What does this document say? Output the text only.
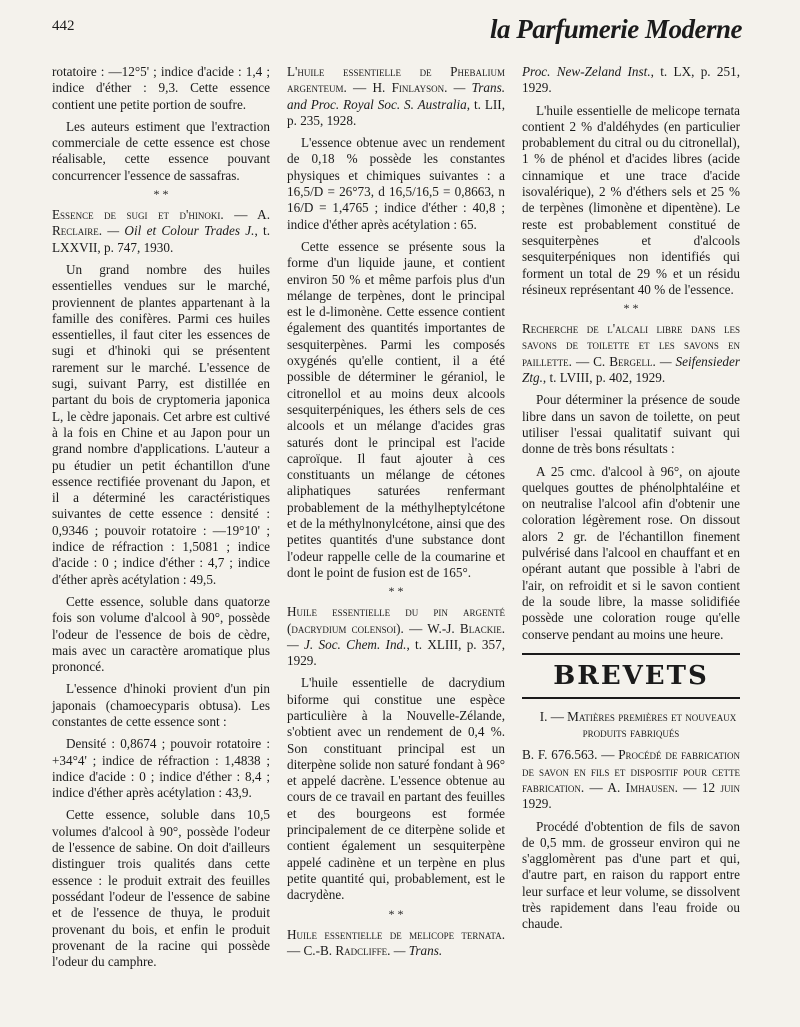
442	la Parfumerie Moderne

rotatoire : —12°5' ; indice d'acide : 1,4 ; indice d'éther : 9,3. Cette essence contient une petite portion de soufre.

Les auteurs estiment que l'extraction commerciale de cette essence est chose réalisable, cette essence pouvant concurrencer l'essence de sassafras.

* *

Essence de sugi et d'hinoki. — A. Reclaire. — Oil et Colour Trades J., t. LXXVII, p. 747, 1930.

Un grand nombre des huiles essentielles vendues sur le marché, proviennent de plantes appartenant à la famille des conifères. Parmi ces huiles essentielles, il faut citer les essences de sugi et d'hinoki qui se présentent rarement sur le marché. L'essence de sugi, suivant Parry, est distillée en partant du bois de cryptomeria japonica L, le cèdre japonais. Cet arbre est cultivé à la fois en Chine et au Japon pour un grand nombre d'applications. L'auteur a pu étudier un petit échantillon d'une essence rectifiée provenant du Japon, et il a déterminé les caractéristiques suivantes de cette essence : densité : 0,9346 ; pouvoir rotatoire : —19°10' ; indice de réfraction : 1,5081 ; indice d'acide : 0 ; indice d'éther : 4,7 ; indice d'éther après acétylation : 49,5.

Cette essence, soluble dans quatorze fois son volume d'alcool à 90°, possède l'odeur de l'essence de bois de cèdre, mais avec un caractère aromatique plus prononcé.

L'essence d'hinoki provient d'un pin japonais (chamoecyparis obtusa). Les constantes de cette essence sont :

Densité : 0,8674 ; pouvoir rotatoire : +34°4' ; indice de réfraction : 1,4838 ; indice d'acide : 0 ; indice d'éther : 8,4 ; indice d'éther après acétylation : 43,9.

Cette essence, soluble dans 10,5 volumes d'alcool à 90°, possède l'odeur de l'essence de sabine. On doit d'ailleurs distinguer trois qualités dans cette essence : le produit extrait des feuilles possédant l'odeur de l'essence de sabine et de l'essence de thuya, le produit provenant du bois, et enfin le produit provenant de la racine qui possède l'odeur du camphre.

L'huile essentielle de Phebalium argenteum. — H. Finlayson. — Trans. and Proc. Royal Soc. S. Australia, t. LII, p. 235, 1928.

L'essence obtenue avec un rendement de 0,18 % possède les constantes physiques et chimiques suivantes : a 16,5/D = 26°73, d 16,5/16,5 = 0,8663, n 16/D = 1,4765 ; indice d'éther : 40,8 ; indice d'éther après acétylation : 65.

Cette essence se présente sous la forme d'un liquide jaune, et contient environ 50 % et même parfois plus d'un mélange de terpènes, dont le principal est le d-limonène. Cette essence contient également des quantités importantes de sesquiterpènes. Parmi les composés oxygénés qu'elle contient, il a été possible de déterminer le géraniol, le citronellol et au moins deux alcools sesquiterpéniques, les éthers sels de ces alcools et un mélange d'acides gras saturés dont le principal est l'acide caproïque. Il faut ajouter à ces constituants un mélange de cétones aliphatiques saturées renfermant probablement de la méthylheptylcétone et de la méthylnonylcétone, ainsi que des petites quantités d'une substance dont l'odeur rappelle celle de la coumarine et dont le point de fusion est de 165°.

* *

Huile essentielle du pin argenté (dacrydium colensoi). — W.-J. Blackie. — J. Soc. Chem. Ind., t. XLIII, p. 357, 1929.

L'huile essentielle de dacrydium biforme qui constitue une espèce particulière à la Nouvelle-Zélande, s'obtient avec un rendement de 0,4 %. Son constituant principal est un diterpène solide non saturé fondant à 96° et appelé dacrène. L'essence obtenue au cours de ce travail en partant des feuilles et des bourgeons est formée principalement de ce diterpène solide et contient également un sesquiterpène appelé cadinène et un terpène en plus petite quantité qui, probablement, est le dacrydène.

* *

Huile essentielle de melicope ternata. — C.-B. Radcliffe. — Trans.

Proc. New-Zeland Inst., t. LX, p. 251, 1929.

L'huile essentielle de melicope ternata contient 2 % d'aldéhydes (en particulier probablement du citral ou du citronellal), 1 % de phénol et d'acides libres (acide cinnamique et une trace d'acide isovalérique), 2 % d'éthers sels et 25 % de terpènes (limonène et dipentène). Le reste est probablement constitué de sesquiterpènes et d'alcools sesquiterpéniques non identifiés qui forment un total de 29 % et un résidu résineux représentant 40 % de l'essence.

* *

Recherche de l'alcali libre dans les savons de toilette et les savons en paillette. — C. Bergell. — Seifensieder Ztg., t. LVIII, p. 402, 1929.

Pour déterminer la présence de soude libre dans un savon de toilette, on peut utiliser l'essai qualitatif suivant qui donne de très bons résultats :

A 25 cmc. d'alcool à 96°, on ajoute quelques gouttes de phénolphtaléine et on neutralise l'alcool afin d'obtenir une coloration légèrement rose. On dissout alors 2 gr. de l'échantillon finement pulvérisé dans l'alcool en chauffant et en opérant autant que possible à l'abri de l'air, on refroidit et si le savon contient de la soude libre, la masse solidifiée possède une coloration rouge qu'elle conserve pendant au moins une heure.

BREVETS

I. — Matières premières et nouveaux produits fabriqués

B. F. 676.563. — Procédé de fabrication de savon en fils et dispositif pour cette fabrication. — A. Imhausen. — 12 juin 1929.

Procédé d'obtention de fils de savon de 0,5 mm. de grosseur environ qui ne s'agglomèrent pas d'une part et qui, d'autre part, en raison du rapport entre leur surface et leur volume, se dissolvent très rapidement dans l'eau froide ou chaude.
